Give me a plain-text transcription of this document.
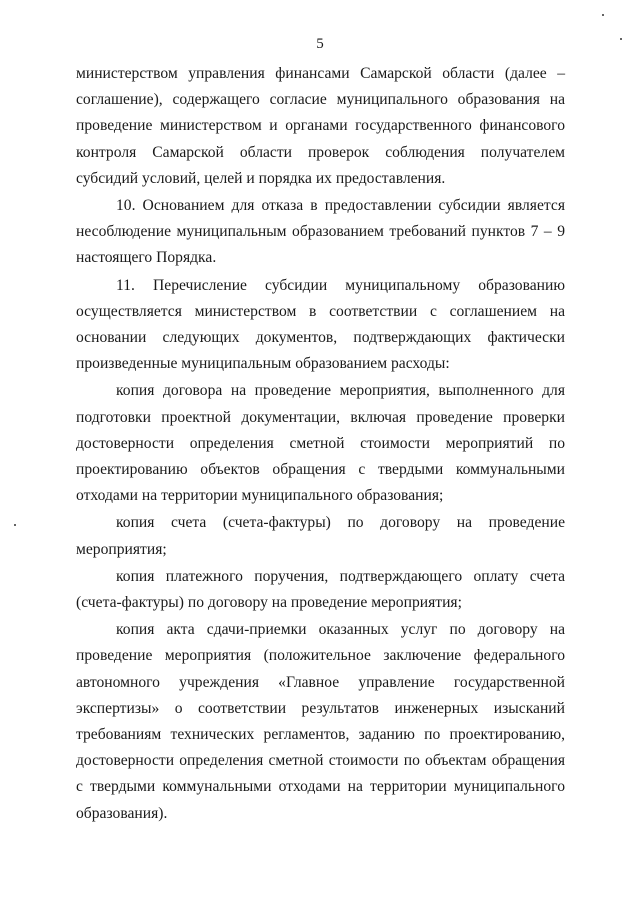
5

министерством управления финансами Самарской области (далее – соглашение), содержащего согласие муниципального образования на проведение министерством и органами государственного финансового контроля Самарской области проверок соблюдения получателем субсидий условий, целей и порядка их предоставления.

10. Основанием для отказа в предоставлении субсидии является несоблюдение муниципальным образованием требований пунктов 7 – 9 настоящего Порядка.

11. Перечисление субсидии муниципальному образованию осуществляется министерством в соответствии с соглашением на основании следующих документов, подтверждающих фактически произведенные муниципальным образованием расходы:

копия договора на проведение мероприятия, выполненного для подготовки проектной документации, включая проведение проверки достоверности определения сметной стоимости мероприятий по проектированию объектов обращения с твердыми коммунальными отходами на территории муниципального образования;

копия счета (счета-фактуры) по договору на проведение мероприятия;

копия платежного поручения, подтверждающего оплату счета (счета-фактуры) по договору на проведение мероприятия;

копия акта сдачи-приемки оказанных услуг по договору на проведение мероприятия (положительное заключение федерального автономного учреждения «Главное управление государственной экспертизы» о соответствии результатов инженерных изысканий требованиям технических регламентов, заданию по проектированию, достоверности определения сметной стоимости по объектам обращения с твердыми коммунальными отходами на территории муниципального образования).
